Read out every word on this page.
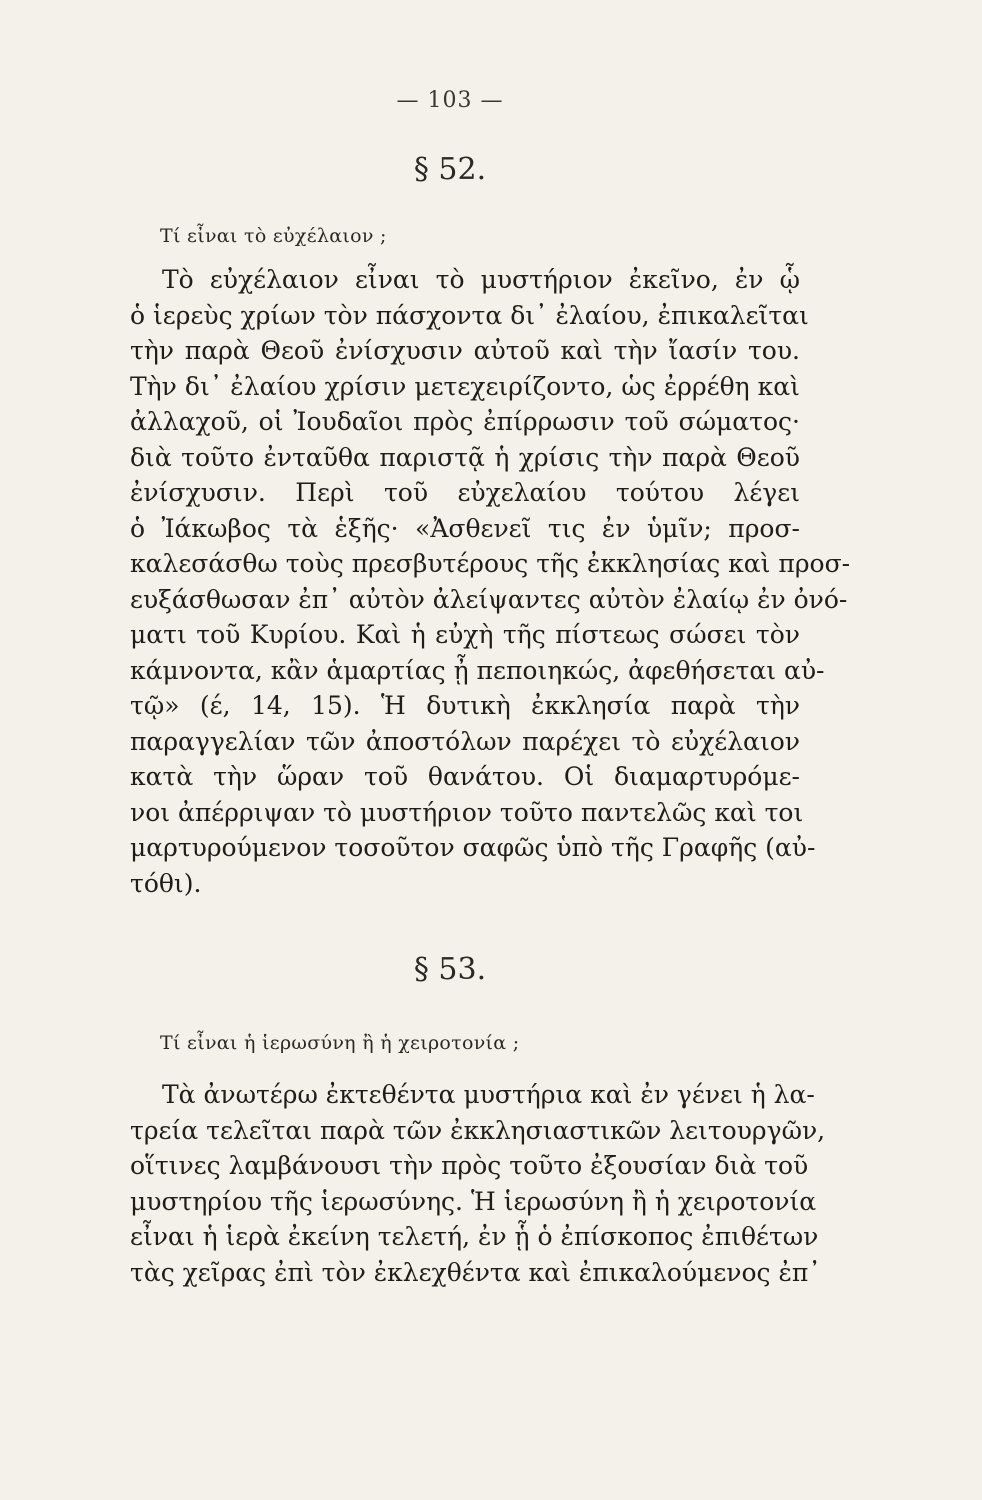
— 103 —
§ 52.
Τί εἶναι τὸ εὐχέλαιον ;
Τὸ εὐχέλαιον εἶναι τὸ μυστήριον ἐκεῖνο, ἐν ᾧ
ὁ ἱερεὺς χρίων τὸν πάσχοντα δι᾿ ἐλαίου, ἐπικαλεῖται
τὴν παρὰ Θεοῦ ἐνίσχυσιν αὐτοῦ καὶ τὴν ἴασίν του.
Τὴν δι᾿ ἐλαίου χρίσιν μετεχειρίζοντο, ὡς ἐρρέθη καὶ
ἀλλαχοῦ, οἱ Ἰουδαῖοι πρὸς ἐπίρρωσιν τοῦ σώματος·
διὰ τοῦτο ἐνταῦθα παριστᾷ ἡ χρίσις τὴν παρὰ Θεοῦ
ἐνίσχυσιν. Περὶ τοῦ εὐχελαίου τούτου λέγει
ὁ Ἰάκωβος τὰ ἑξῆς· «Ἀσθενεῖ τις ἐν ὑμῖν; προσ-
καλεσάσθω τοὺς πρεσβυτέρους τῆς ἐκκλησίας καὶ προσ-
ευξάσθωσαν ἐπ᾿ αὐτὸν ἀλείψαντες αὐτὸν ἐλαίῳ ἐν ὀνό-
ματι τοῦ Κυρίου. Καὶ ἡ εὐχὴ τῆς πίστεως σώσει τὸν
κάμνοντα, κἂν ἁμαρτίας ᾖ πεποιηκώς, ἀφεθήσεται αὐ-
τῷ» (έ, 14, 15). Ἡ δυτικὴ ἐκκλησία παρὰ τὴν
παραγγελίαν τῶν ἀποστόλων παρέχει τὸ εὐχέλαιον
κατὰ τὴν ὥραν τοῦ θανάτου. Οἱ διαμαρτυρόμε-
νοι ἀπέρριψαν τὸ μυστήριον τοῦτο παντελῶς καὶ τοι
μαρτυρούμενον τοσοῦτον σαφῶς ὑπὸ τῆς Γραφῆς (αὐ-
τόθι).
§ 53.
Τί εἶναι ἡ ἱερωσύνη ἢ ἡ χειροτονία ;
Τὰ ἀνωτέρω ἐκτεθέντα μυστήρια καὶ ἐν γένει ἡ λα-
τρεία τελεῖται παρὰ τῶν ἐκκλησιαστικῶν λειτουργῶν,
οἵτινες λαμβάνουσι τὴν πρὸς τοῦτο ἐξουσίαν διὰ τοῦ
μυστηρίου τῆς ἱερωσύνης. Ἡ ἱερωσύνη ἢ ἡ χειροτονία
εἶναι ἡ ἱερὰ ἐκείνη τελετή, ἐν ᾗ ὁ ἐπίσκοπος ἐπιθέτων
τὰς χεῖρας ἐπὶ τὸν ἐκλεχθέντα καὶ ἐπικαλούμενος ἐπ᾿
